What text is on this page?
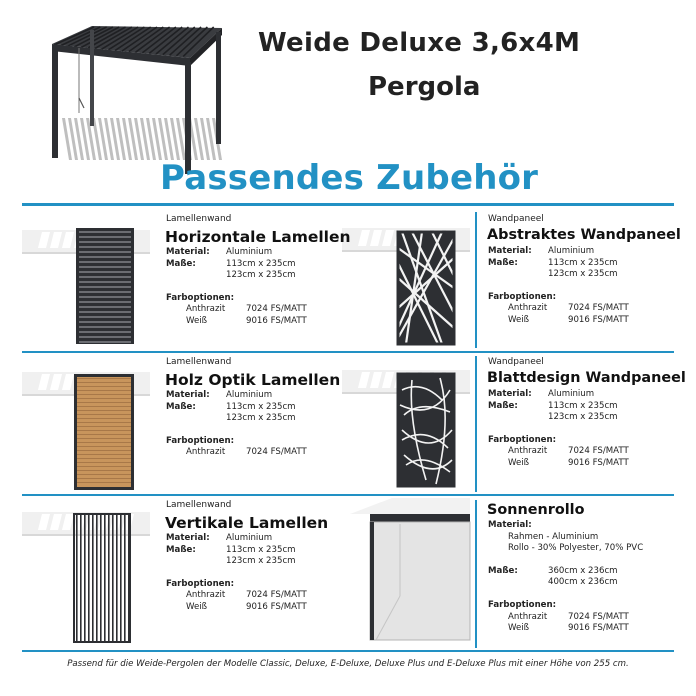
Weide Deluxe 3,6x4M
Pergola
Passendes Zubehör
Lamellenwand
Horizontale Lamellen
Material:	Aluminium
Maße:	113cm x 235cm
123cm x 235cm
Farboptionen:
Anthrazit	7024 FS/MATT
Weiß	9016 FS/MATT
Lamellenwand
Holz Optik Lamellen
Material:	Aluminium
Maße:	113cm x 235cm
123cm x 235cm
Farboptionen:
Anthrazit	7024 FS/MATT
Lamellenwand
Vertikale Lamellen
Material:	Aluminium
Maße:	113cm x 235cm
123cm x 235cm
Farboptionen:
Anthrazit	7024 FS/MATT
Weiß	9016 FS/MATT
Wandpaneel
Abstraktes Wandpaneel
Material:	Aluminium
Maße:	113cm x 235cm
123cm x 235cm
Farboptionen:
Anthrazit	7024 FS/MATT
Weiß	9016 FS/MATT
Wandpaneel
Blattdesign Wandpaneel
Material:	Aluminium
Maße:	113cm x 235cm
123cm x 235cm
Farboptionen:
Anthrazit	7024 FS/MATT
Weiß	9016 FS/MATT
Sonnenrollo
Material:
Rahmen - Aluminium
Rollo - 30% Polyester, 70% PVC
Maße:	360cm x 236cm
400cm x 236cm
Farboptionen:
Anthrazit	7024 FS/MATT
Weiß	9016 FS/MATT
Passend für die Weide-Pergolen der Modelle Classic, Deluxe, E-Deluxe, Deluxe Plus und E-Deluxe Plus mit einer Höhe von 255 cm.
